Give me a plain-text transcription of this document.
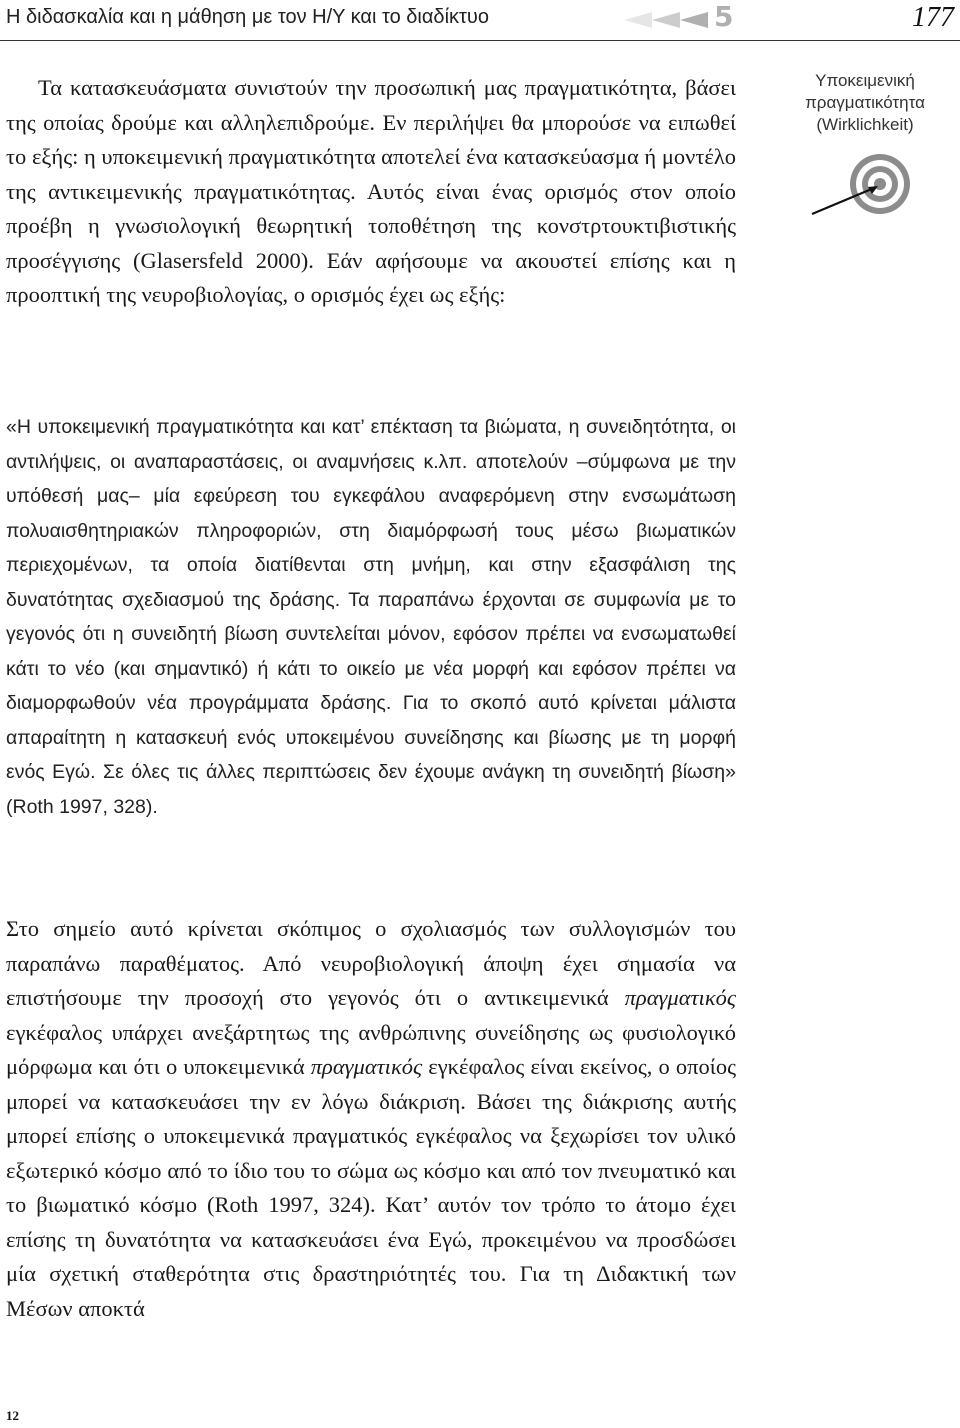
Η διδασκαλία και η μάθηση με τον Η/Υ και το διαδίκτυο	5	177

Τα κατασκευάσματα συνιστούν την προσωπική μας πραγματικότητα, βάσει της οποίας δρούμε και αλληλεπιδρούμε. Εν περιλήψει θα μπορούσε να ειπωθεί το εξής: η υποκειμενική πραγματικότητα αποτελεί ένα κατασκεύασμα ή μοντέλο της αντικειμενικής πραγματικότητας. Αυτός είναι ένας ορισμός στον οποίο προέβη η γνωσιολογική θεωρητική τοποθέτηση της κονστρτουκτιβιστικής προσέγγισης (Glasersfeld 2000). Εάν αφήσουμε να ακουστεί επίσης και η προοπτική της νευροβιολογίας, ο ορισμός έχει ως εξής:

«Η υποκειμενική πραγματικότητα και κατ’ επέκταση τα βιώματα, η συνειδητότητα, οι αντιλήψεις, οι αναπαραστάσεις, οι αναμνήσεις κ.λπ. αποτελούν –σύμφωνα με την υπόθεσή μας– μία εφεύρεση του εγκεφάλου αναφερόμενη στην ενσωμάτωση πολυαισθητηριακών πληροφοριών, στη διαμόρφωσή τους μέσω βιωματικών περιεχομένων, τα οποία διατίθενται στη μνήμη, και στην εξασφάλιση της δυνατότητας σχεδιασμού της δράσης. Τα παραπάνω έρχονται σε συμφωνία με το γεγονός ότι η συνειδητή βίωση συντελείται μόνον, εφόσον πρέπει να ενσωματωθεί κάτι το νέο (και σημαντικό) ή κάτι το οικείο με νέα μορφή και εφόσον πρέπει να διαμορφωθούν νέα προγράμματα δράσης. Για το σκοπό αυτό κρίνεται μάλιστα απαραίτητη η κατασκευή ενός υποκειμένου συνείδησης και βίωσης με τη μορφή ενός Εγώ. Σε όλες τις άλλες περιπτώσεις δεν έχουμε ανάγκη τη συνειδητή βίωση» (Roth 1997, 328).

Στο σημείο αυτό κρίνεται σκόπιμος ο σχολιασμός των συλλογισμών του παραπάνω παραθέματος. Από νευροβιολογική άποψη έχει σημασία να επιστήσουμε την προσοχή στο γεγονός ότι ο αντικειμενικά πραγματικός εγκέφαλος υπάρχει ανεξάρτητως της ανθρώπινης συνείδησης ως φυσιολογικό μόρφωμα και ότι ο υποκειμενικά πραγματικός εγκέφαλος είναι εκείνος, ο οποίος μπορεί να κατασκευάσει την εν λόγω διάκριση. Βάσει της διάκρισης αυτής μπορεί επίσης ο υποκειμενικά πραγματικός εγκέφαλος να ξεχωρίσει τον υλικό εξωτερικό κόσμο από το ίδιο του το σώμα ως κόσμο και από τον πνευματικό και το βιωματικό κόσμο (Roth 1997, 324). Κατ’ αυτόν τον τρόπο το άτομο έχει επίσης τη δυνατότητα να κατασκευάσει ένα Εγώ, προκειμένου να προσδώσει μία σχετική σταθερότητα στις δραστηριότητές του. Για τη Διδακτική των Μέσων αποκτά

Υποκειμενική
πραγματικότητα
(Wirklichkeit)
12
